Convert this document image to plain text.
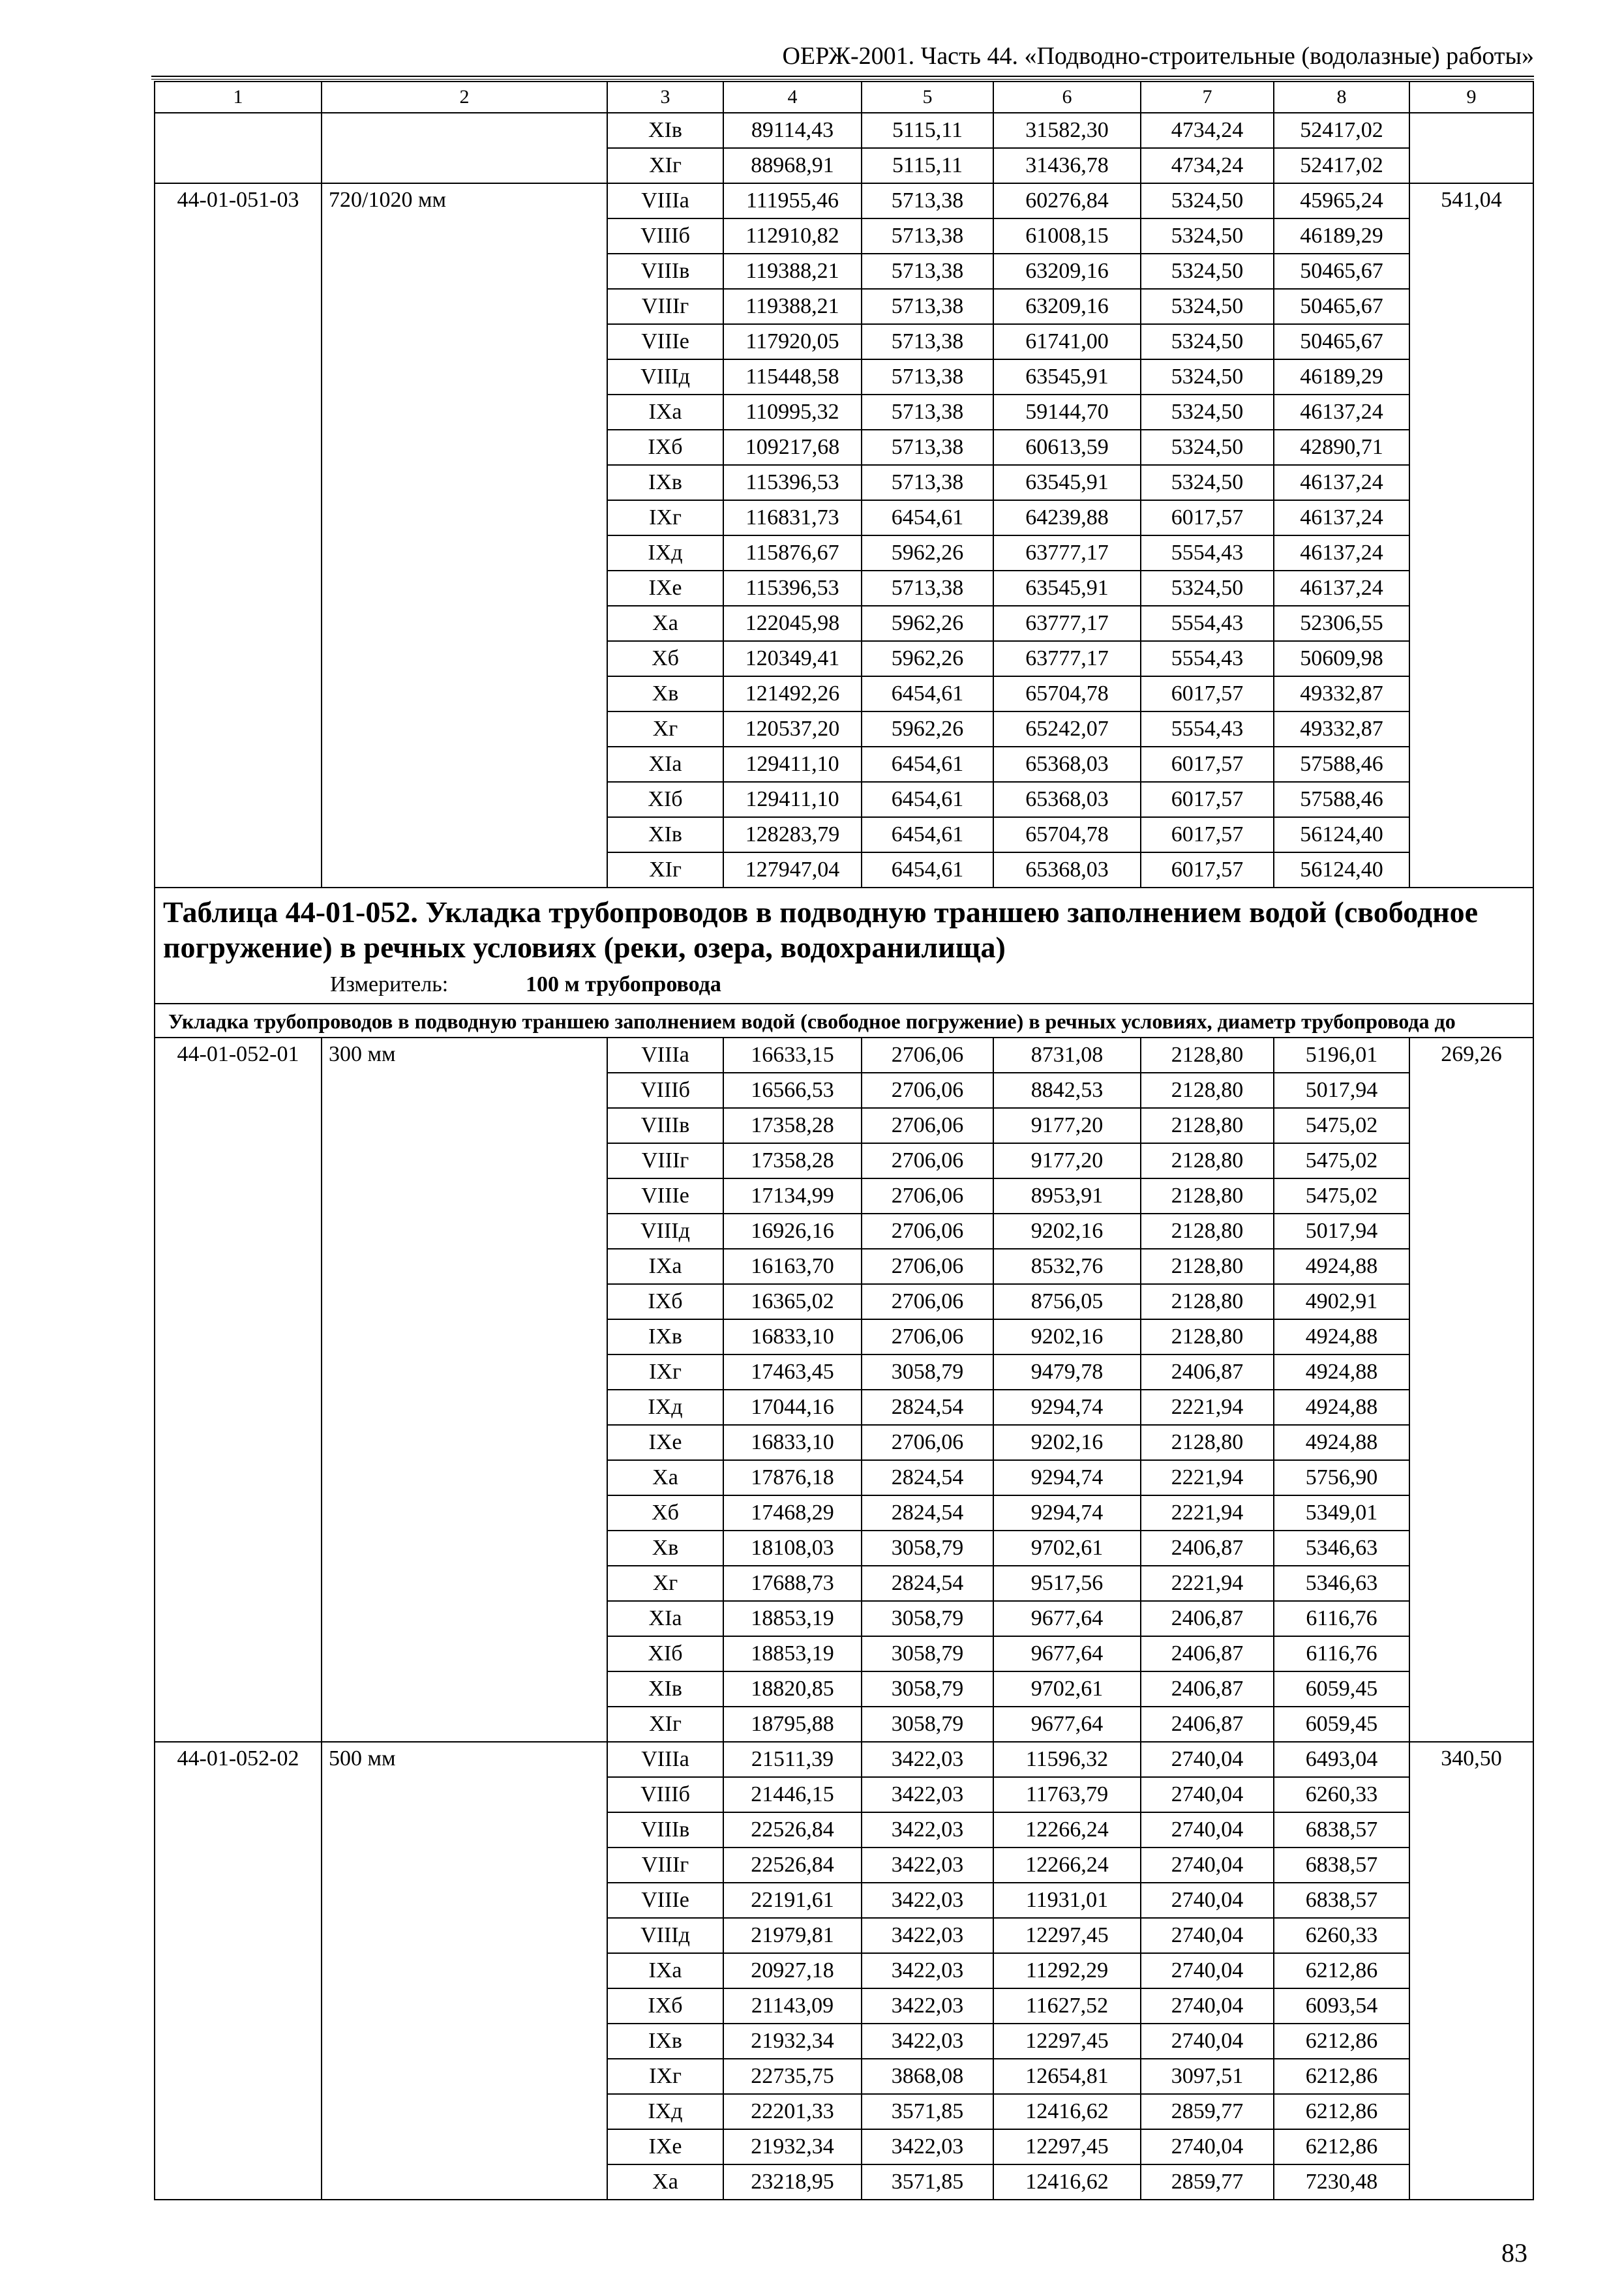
ОЕРЖ-2001. Часть 44. «Подводно-строительные (водолазные) работы»
1	2	3	4	5	6	7	8	9
		XIв	89114,43	5115,11	31582,30	4734,24	52417,02	
		XIг	88968,91	5115,11	31436,78	4734,24	52417,02	
44-01-051-03	720/1020 мм	VIIIа	111955,46	5713,38	60276,84	5324,50	45965,24	541,04
		VIIIб	112910,82	5713,38	61008,15	5324,50	46189,29	
		VIIIв	119388,21	5713,38	63209,16	5324,50	50465,67	
		VIIIг	119388,21	5713,38	63209,16	5324,50	50465,67	
		VIIIе	117920,05	5713,38	61741,00	5324,50	50465,67	
		VIIIд	115448,58	5713,38	63545,91	5324,50	46189,29	
		IXа	110995,32	5713,38	59144,70	5324,50	46137,24	
		IXб	109217,68	5713,38	60613,59	5324,50	42890,71	
		IXв	115396,53	5713,38	63545,91	5324,50	46137,24	
		IXг	116831,73	6454,61	64239,88	6017,57	46137,24	
		IXд	115876,67	5962,26	63777,17	5554,43	46137,24	
		IXе	115396,53	5713,38	63545,91	5324,50	46137,24	
		Xа	122045,98	5962,26	63777,17	5554,43	52306,55	
		Xб	120349,41	5962,26	63777,17	5554,43	50609,98	
		Xв	121492,26	6454,61	65704,78	6017,57	49332,87	
		Xг	120537,20	5962,26	65242,07	5554,43	49332,87	
		XIа	129411,10	6454,61	65368,03	6017,57	57588,46	
		XIб	129411,10	6454,61	65368,03	6017,57	57588,46	
		XIв	128283,79	6454,61	65704,78	6017,57	56124,40	
		XIг	127947,04	6454,61	65368,03	6017,57	56124,40	

Таблица 44-01-052. Укладка трубопроводов в подводную траншею заполнением водой (свободное погружение) в речных условиях (реки, озера, водохранилища)
Измеритель: 100 м трубопровода								

Укладка трубопроводов в подводную траншею заполнением водой (свободное погружение) в речных условиях, диаметр трубопровода до								

44-01-052-01	300 мм	VIIIа	16633,15	2706,06	8731,08	2128,80	5196,01	269,26
		VIIIб	16566,53	2706,06	8842,53	2128,80	5017,94	
		VIIIв	17358,28	2706,06	9177,20	2128,80	5475,02	
		VIIIг	17358,28	2706,06	9177,20	2128,80	5475,02	
		VIIIе	17134,99	2706,06	8953,91	2128,80	5475,02	
		VIIIд	16926,16	2706,06	9202,16	2128,80	5017,94	
		IXа	16163,70	2706,06	8532,76	2128,80	4924,88	
		IXб	16365,02	2706,06	8756,05	2128,80	4902,91	
		IXв	16833,10	2706,06	9202,16	2128,80	4924,88	
		IXг	17463,45	3058,79	9479,78	2406,87	4924,88	
		IXд	17044,16	2824,54	9294,74	2221,94	4924,88	
		IXе	16833,10	2706,06	9202,16	2128,80	4924,88	
		Xа	17876,18	2824,54	9294,74	2221,94	5756,90	
		Xб	17468,29	2824,54	9294,74	2221,94	5349,01	
		Xв	18108,03	3058,79	9702,61	2406,87	5346,63	
		Xг	17688,73	2824,54	9517,56	2221,94	5346,63	
		XIа	18853,19	3058,79	9677,64	2406,87	6116,76	
		XIб	18853,19	3058,79	9677,64	2406,87	6116,76	
		XIв	18820,85	3058,79	9702,61	2406,87	6059,45	
		XIг	18795,88	3058,79	9677,64	2406,87	6059,45	
44-01-052-02	500 мм	VIIIа	21511,39	3422,03	11596,32	2740,04	6493,04	340,50
		VIIIб	21446,15	3422,03	11763,79	2740,04	6260,33	
		VIIIв	22526,84	3422,03	12266,24	2740,04	6838,57	
		VIIIг	22526,84	3422,03	12266,24	2740,04	6838,57	
		VIIIе	22191,61	3422,03	11931,01	2740,04	6838,57	
		VIIIд	21979,81	3422,03	12297,45	2740,04	6260,33	
		IXа	20927,18	3422,03	11292,29	2740,04	6212,86	
		IXб	21143,09	3422,03	11627,52	2740,04	6093,54	
		IXв	21932,34	3422,03	12297,45	2740,04	6212,86	
		IXг	22735,75	3868,08	12654,81	3097,51	6212,86	
		IXд	22201,33	3571,85	12416,62	2859,77	6212,86	
		IXе	21932,34	3422,03	12297,45	2740,04	6212,86	
		Xа	23218,95	3571,85	12416,62	2859,77	7230,48	
83
